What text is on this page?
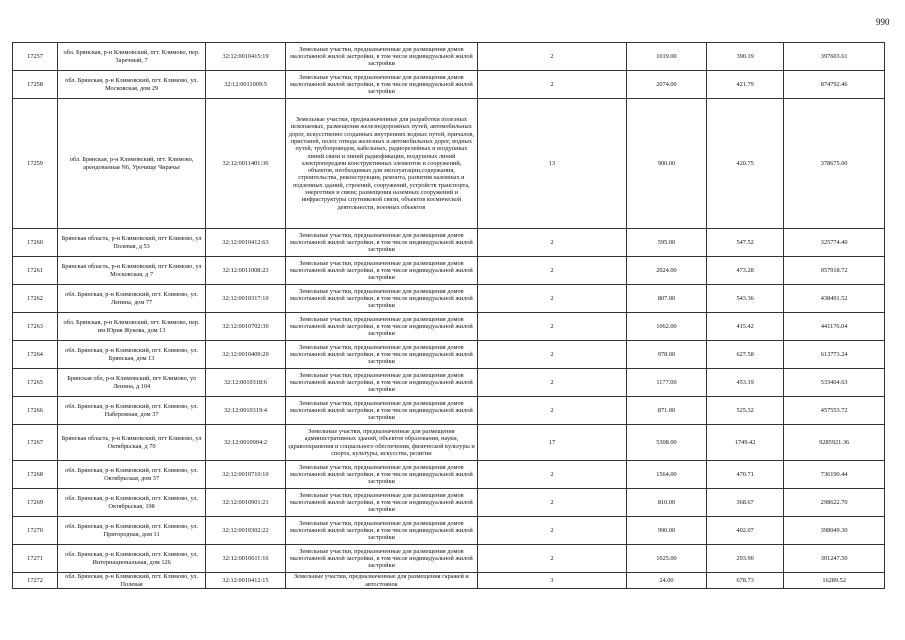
990
17257	обл. Брянская, р-н Климовский, пгт. Климово, пер. Заречный, 7	32:12:0010415:19	Земельные участки, предназначенные для размещения домов малоэтажной жилой застройки, в том числе индивидуальной жилой застройки	2	1019.00	390.19	397603.61
17258	обл. Брянская, р-н Климовский, пгт. Климово, ул. Московская, дом 29	32:12:0011009:5	Земельные участки, предназначенные для размещения домов малоэтажной жилой застройки, в том числе индивидуальной жилой застройки	2	2074.00	421.79	874792.46
17259	обл. Брянская, р-н Климовский, пгт. Климово, арендованная N6, Урочище Чирачье	32:12:0011401:36	Земельные участки, предназначенные для разработки полезных ископаемых, размещения железнодорожных путей, автомобильных дорог, искусственно созданных внутренних водных путей, причалов, пристаней, полос отвода железных и автомобильных дорог, водных путей, трубопроводов, кабельных, радиорелейных и воздушных линий связи и линий радиофикации, воздушных линий электропередачи конструктивных элементов и сооружений, объектов, необходимых для эксплуатации,содержания, строительства, реконструкции, ремонта, развития наземных и подземных зданий, строений, сооружений, устройств транспорта, энергетики и связи; размещения наземных сооружений и инфраструктуры спутниковой связи, объектов космической деятельности, военных объектов	13	900.00	420.75	378675.00
17260	Брянская область, р-н Климовский, пгт Климово, ул Полевая, д 53	32:12:0010412:63	Земельные участки, предназначенные для размещения домов малоэтажной жилой застройки, в том числе индивидуальной жилой застройки	2	595.00	547.52	325774.40
17261	Брянская область, р-н Климовский, пгт Климово, ул Московская, д 7	32:12:0011008:23	Земельные участки, предназначенные для размещения домов малоэтажной жилой застройки, в том числе индивидуальной жилой застройки	2	2024.00	473.28	957918.72
17262	обл. Брянская, р-н Климовский, пгт. Климово, ул. Ленина, дом 77	32:12:0010317:10	Земельные участки, предназначенные для размещения домов малоэтажной жилой застройки, в том числе индивидуальной жилой застройки	2	807.00	543.36	438491.52
17263	обл. Брянская, р-н Климовский, пгт. Климово, пер. им Юрия Жукова, дом 13	32:12:0010702:30	Земельные участки, предназначенные для размещения домов малоэтажной жилой застройки, в том числе индивидуальной жилой застройки	2	1062.00	415.42	441176.04
17264	обл. Брянская, р-н Климовский, пгт. Климово, ул. Брянская, дом 13	32:12:0010409:20	Земельные участки, предназначенные для размещения домов малоэтажной жилой застройки, в том числе индивидуальной жилой застройки	2	978.00	627.58	613773.24
17265	Брянская обл, р-н Климовский, пгт Климово, ул Ленина, д 104	32:12:0010318:6	Земельные участки, предназначенные для размещения домов малоэтажной жилой застройки, в том числе индивидуальной жилой застройки	2	1177.00	453.19	533404.63
17266	обл. Брянская, р-н Климовский, пгт. Климово, ул. Набережная, дом 37	32:12:0010319:4	Земельные участки, предназначенные для размещения домов малоэтажной жилой застройки, в том числе индивидуальной жилой застройки	2	871.00	525.32	457553.72
17267	Брянская область, р-н Климовский, пгт Климово, ул Октябрьская, д 70	32:12:0010904:2	Земельные участки, предназначенные для размещения административных зданий, объектов образования, науки, здравоохранения и социального обеспечения, физической культуры и спорта, культуры, искусства, религии	17	5308.00	1749.42	9285921.36
17268	обл. Брянская, р-н Климовский, пгт. Климово, ул. Октябрьская, дом 37	32:12:0010710:10	Земельные участки, предназначенные для размещения домов малоэтажной жилой застройки, в том числе индивидуальной жилой застройки	2	1564.00	470.71	736190.44
17269	обл. Брянская, р-н Климовский, пгт. Климово, ул. Октябрьская, 198	32:12:0010901:21	Земельные участки, предназначенные для размещения домов малоэтажной жилой застройки, в том числе индивидуальной жилой застройки	2	810.00	368.67	298622.70
17270	обл. Брянская, р-н Климовский, пгт. Климово, ул. Пригородная, дом 11	32:12:0010302:22	Земельные участки, предназначенные для размещения домов малоэтажной жилой застройки, в том числе индивидуальной жилой застройки	2	990.00	402.07	398049.30
17271	обл. Брянская, р-н Климовский, пгт. Климово, ул. Интернациональная, дом 126	32:12:0010611:16	Земельные участки, предназначенные для размещения домов малоэтажной жилой застройки, в том числе индивидуальной жилой застройки	2	1025.00	293.90	301247.50
17272	обл. Брянская, р-н Климовский, пгт. Климово, ул. Полевая	32:12:0010412:15	Земельные участки, предназначенные для размещения гаражей и автостоянок	3	24.00	678.73	16289.52
